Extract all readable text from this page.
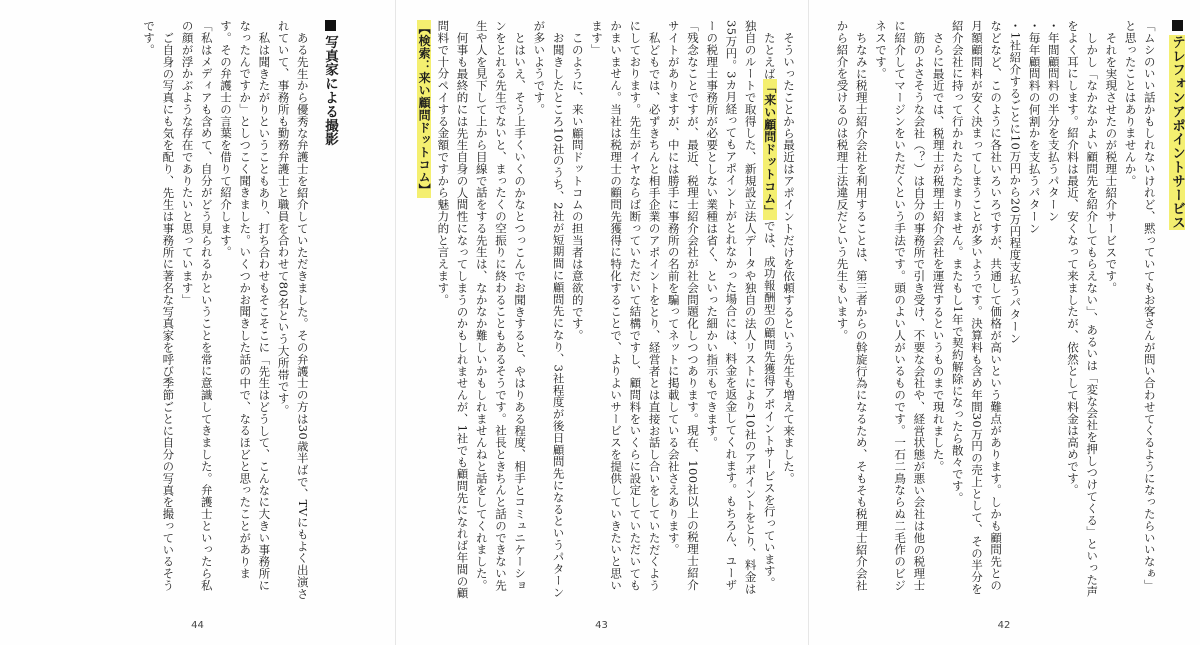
テレフォンアポイントサービス

「ムシのいい話かもしれないけれど、黙っていてもお客さんが問い合わせてくるようになったらいいなぁ」と思ったことはありませんか。

それを実現させたのが税理士紹介サービスです。

しかし「なかなかよい顧問先を紹介してもらえない」、あるいは「変な会社を押しつけてくる」といった声をよく耳にします。紹介料は最近、安くなって来ましたが、依然として料金は高めです。

・年間顧問料の半分を支払うパターン

・毎年顧問料の何割かを支払うパターン

・1社紹介するごとに10万円から20万円程度支払うパターン

などなど、このように各社いろいろですが、共通して価格が高いという難点があります。しかも顧問先との月額顧問料が安く決まってしまうことが多いようです。決算料も含め年間30万円の売上として、その半分を紹介会社に持って行かれたらたまりません。またもし1年で契約解除になったら散々です。

さらに最近では、税理士が税理士紹介会社を運営するというものまで現れました。

筋のよさそうな会社（？）は自分の事務所で引き受け、不要な会社や、経営状態が悪い会社は他の税理士に紹介してマージンをいただくという手法です。頭のよい人がいるものです。一石二鳥ならぬ二毛作のビジネスです。

ちなみに税理士紹介会社を利用することは、第三者からの斡旋行為になるため、そもそも税理士紹介会社から紹介を受けるのは税理士法違反だという先生もいます。

42

そういったことから最近はアポイントだけを依頼するという先生も増えて来ました。

たとえば「来い顧問ドットコム」では、成功報酬型の顧問先獲得アポイントサービスを行っています。独自のルートで取得した、新規設立法人データや独自の法人リストにより10社のアポイントをとり、料金は35万円。3カ月経ってもアポイントがとれなかった場合には、料金を返金してくれます。もちろん、ユーザーの税理士事務所が必要としない業種は省く、といった細かい指示もできます。

「残念なことですが、最近、税理士紹介会社が社会問題化しつつあります。現在、100社以上の税理士紹介サイトがありますが、中には勝手に事務所の名前を騙ってネットに掲載している会社さえあります。

私どもでは、必ずきちんと相手企業のアポイントをとり、経営者とは直接お話し合いをしていただくようにしております。先生がイヤならば断っていただいて結構ですし、顧問料をいくらに設定していただいてもかまいません。当社は税理士の顧問先獲得に特化することで、よりよいサービスを提供していきたいと思います」

このように、来い顧問ドットコムの担当者は意欲的です。

お聞きしたところ10社のうち、2社が短期間に顧問先になり、3社程度が後日顧問先になるというパターンが多いようです。

とはいえ、そう上手くいくのかなとつっこんでお聞きすると、やはりある程度、相手とコミュニケーションをとれる先生でないと、まったくの空振りに終わることもあるそうです。社長ときちんと話のできない先生や人を見下して上から目線で話をする先生は、なかなか難しいかもしれませんねと話をしてくれました。

何事も最終的には先生自身の人間性になってしまうのかもしれませんが、1社でも顧問先になれば年間の顧問料で十分ペイする金額ですから魅力的と言えます。

【検索：来い顧問ドットコム】

43
写真家による撮影

ある先生から優秀な弁護士を紹介していただきました。その弁護士の方は30歳半ばで、TVにもよく出演されていて、事務所も勤務弁護士と職員を合わせて80名という大所帯です。

私は聞きたがりということもあり、打ち合わせもそこそこに「先生はどうして、こんなに大きい事務所になったんですか」としつこく聞きました。いくつかお聞きした話の中で、なるほどと思ったことがあります。その弁護士の言葉を借りて紹介します。

「私はメディアも含めて、自分がどう見られるかということを常に意識してきました。弁護士といったら私の顔が浮かぶような存在でありたいと思っています」

ご自身の写真にも気を配り、先生は事務所に著名な写真家を呼び季節ごとに自分の写真を撮っているそうです。

44
